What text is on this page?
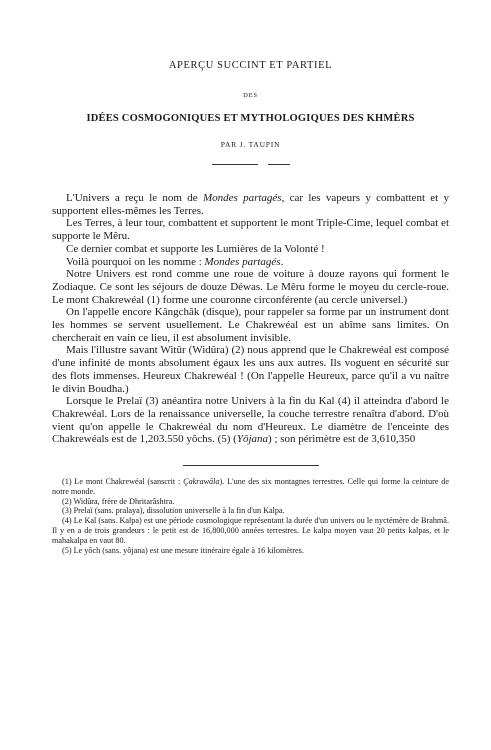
APERÇU SUCCINT ET PARTIEL
DES
IDÉES COSMOGONIQUES ET MYTHOLOGIQUES DES KHMÈRS
PAR J. TAUPIN

L'Univers a reçu le nom de Mondes partagés, car les vapeurs y combattent et y supportent elles-mêmes les Terres.

Les Terres, à leur tour, combattent et supportent le mont Triple-Cime, lequel combat et supporte le Mêru.

Ce dernier combat et supporte les Lumières de la Volonté !

Voilà pourquoi on les nomme : Mondes partagés.

Notre Univers est rond comme une roue de voiture à douze rayons qui forment le Zodiaque. Ce sont les séjours de douze Déwas. Le Mêru forme le moyeu du cercle-roue. Le mont Chakrewéal (1) forme une couronne circonférente (au cercle universel.)

On l'appelle encore Kângchâk (disque), pour rappeler sa forme par un instrument dont les hommes se servent usuellement. Le Chakrewéal est un abîme sans limites. On chercherait en vain ce lieu, il est absolument invisible.

Mais l'illustre savant Witûr (Widûra) (2) nous apprend que le Chakrewéal est composé d'une infinité de monts absolument égaux les uns aux autres. Ils voguent en sécurité sur des flots immenses. Heureux Chakrewéal ! (On l'appelle Heureux, parce qu'il a vu naître le divin Boudha.)

Lorsque le Prelaï (3) anéantira notre Univers à la fin du Kal (4) il atteindra d'abord le Chakrewéal. Lors de la renaissance universelle, la couche terrestre renaîtra d'abord. D'où vient qu'on appelle le Chakrewéal du nom d'Heureux. Le diamètre de l'enceinte des Chakrewéals est de 1,203.550 yôchs. (5) (Yôjana) ; son périmètre est de 3,610,350

(1) Le mont Chakrewéal (sanscrit : Çakrawâla). L'une des six montagnes terrestres. Celle qui forme la ceinture de notre monde.

(2) Widûra, frère de Dhritarâshtra.

(3) Prelaï (sans. pralaya), dissolution universelle à la fin d'un Kalpa.

(4) Le Kal (sans. Kalpa) est une période cosmologique représentant la durée d'un univers ou le nyctémère de Brahmâ. Il y en a de trois grandeurs : le petit est de 16,800,000 années terrestres. Le kalpa moyen vaut 20 petits kalpas, et le mahakalpa en vaut 80.

(5) Le yôch (sans. yôjana) est une mesure itinéraire égale à 16 kilomètres.
